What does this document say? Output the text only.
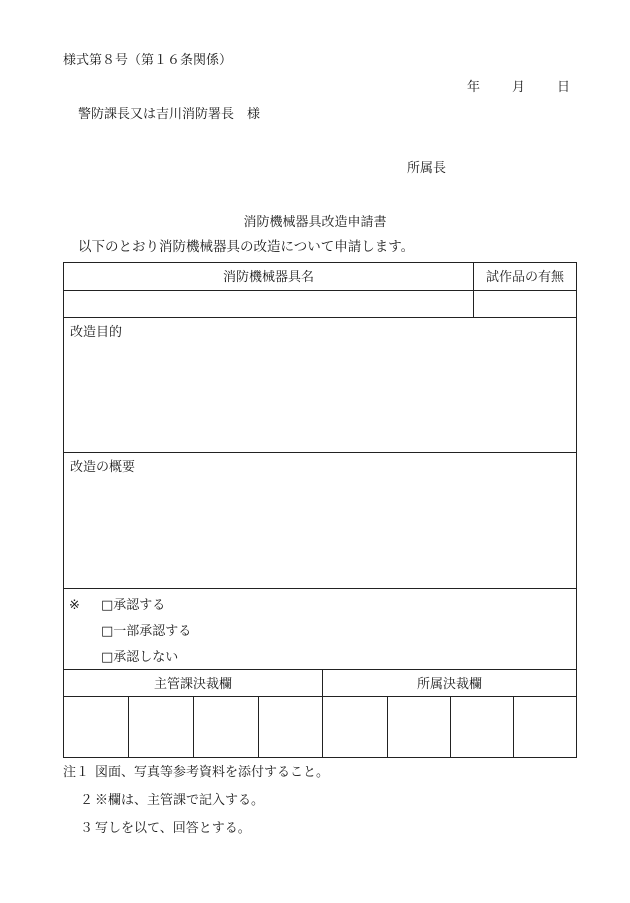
様式第８号（第１６条関係）
年 月 日
警防課長又は吉川消防署長　様
所属長
消防機械器具改造申請書
以下のとおり消防機械器具の改造について申請します。
消防機械器具名	試作品の有無
改造目的
改造の概要
※ □承認する
□一部承認する
□承認しない
主管課決裁欄	所属決裁欄
注１ 図面、写真等参考資料を添付すること。
２ ※欄は、主管課で記入する。
３ 写しを以て、回答とする。
